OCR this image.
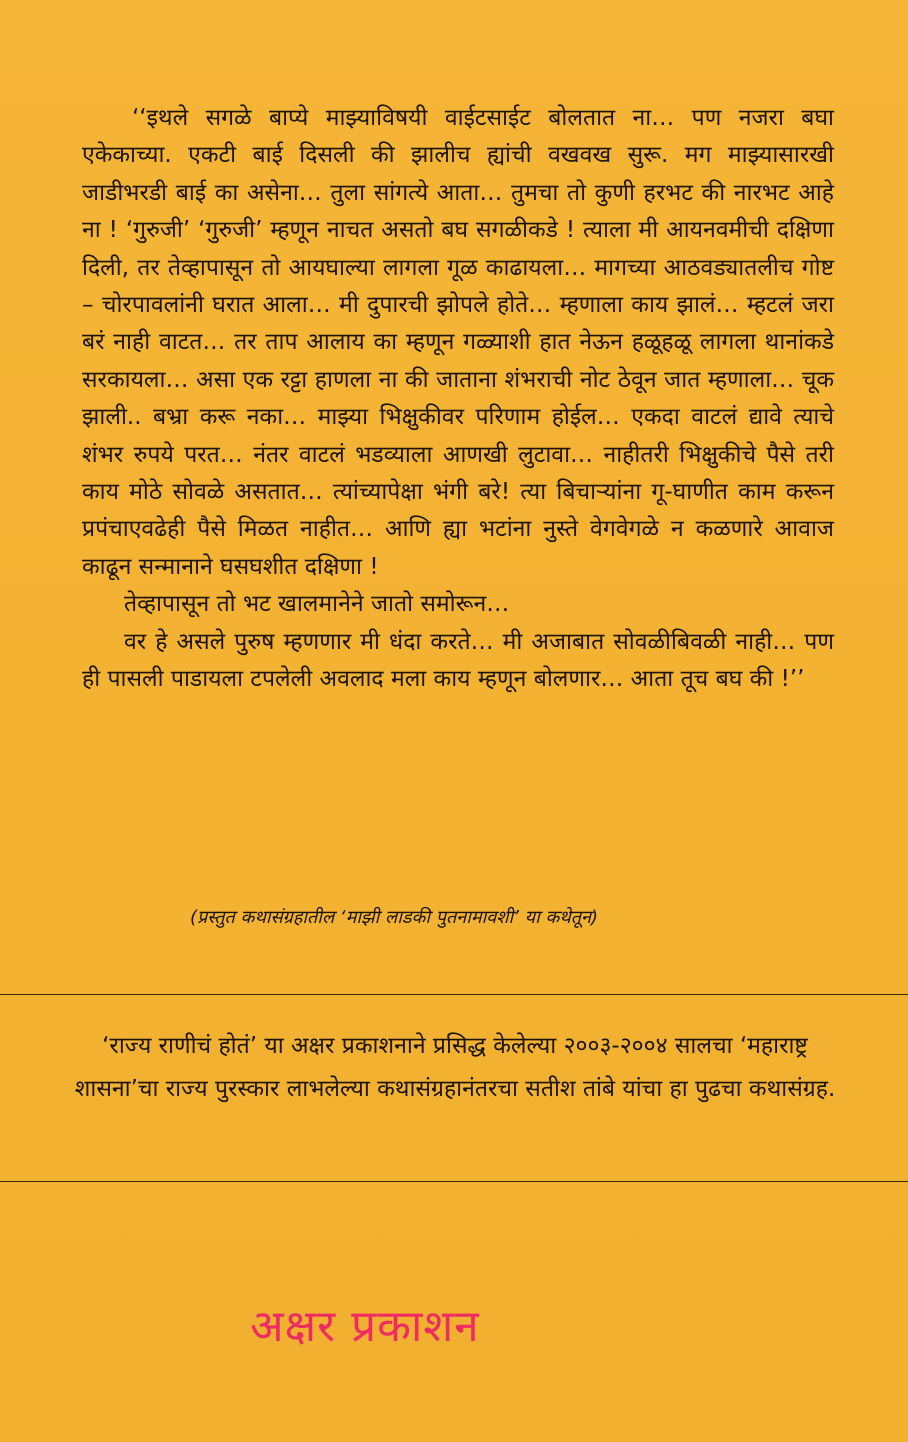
‘‘इथले सगळे बाप्ये माझ्याविषयी वाईटसाईट बोलतात ना… पण नजरा बघा एकेकाच्या. एकटी बाई दिसली की झालीच ह्यांची वखवख सुरू. मग माझ्यासारखी जाडीभरडी बाई का असेना… तुला सांगत्ये आता… तुमचा तो कुणी हरभट की नारभट आहे ना ! ‘गुरुजी’ ‘गुरुजी’ म्हणून नाचत असतो बघ सगळीकडे ! त्याला मी आयनवमीची दक्षिणा दिली, तर तेव्हापासून तो आयघाल्या लागला गूळ काढायला… मागच्या आठवड्यातलीच गोष्ट – चोरपावलांनी घरात आला… मी दुपारची झोपले होते… म्हणाला काय झालं… म्हटलं जरा बरं नाही वाटत… तर ताप आलाय का म्हणून गळ्याशी हात नेऊन हळूहळू लागला थानांकडे सरकायला… असा एक रट्टा हाणला ना की जाताना शंभराची नोट ठेवून जात म्हणाला… चूक झाली.. बभ्रा करू नका… माझ्या भिक्षुकीवर परिणाम होईल… एकदा वाटलं द्यावे त्याचे शंभर रुपये परत… नंतर वाटलं भडव्याला आणखी लुटावा… नाहीतरी भिक्षुकीचे पैसे तरी काय मोठे सोवळे असतात… त्यांच्यापेक्षा भंगी बरे! त्या बिचाऱ्यांना गू-घाणीत काम करून प्रपंचाएवढेही पैसे मिळत नाहीत… आणि ह्या भटांना नुस्ते वेगवेगळे न कळणारे आवाज काढून सन्मानाने घसघशीत दक्षिणा !

तेव्हापासून तो भट खालमानेने जातो समोरून…

वर हे असले पुरुष म्हणणार मी धंदा करते… मी अजाबात सोवळीबिवळी नाही… पण ही पासली पाडायला टपलेली अवलाद मला काय म्हणून बोलणार… आता तूच बघ की !’’

(प्रस्तुत कथासंग्रहातील ‘माझी लाडकी पुतनामावशी’ या कथेतून)
‘राज्य राणीचं होतं’ या अक्षर प्रकाशनाने प्रसिद्ध केलेल्या २००३-२००४ सालचा ‘महाराष्ट्र शासना’चा राज्य पुरस्कार लाभलेल्या कथासंग्रहानंतरचा सतीश तांबे यांचा हा पुढचा कथासंग्रह.
अक्षर प्रकाशन
